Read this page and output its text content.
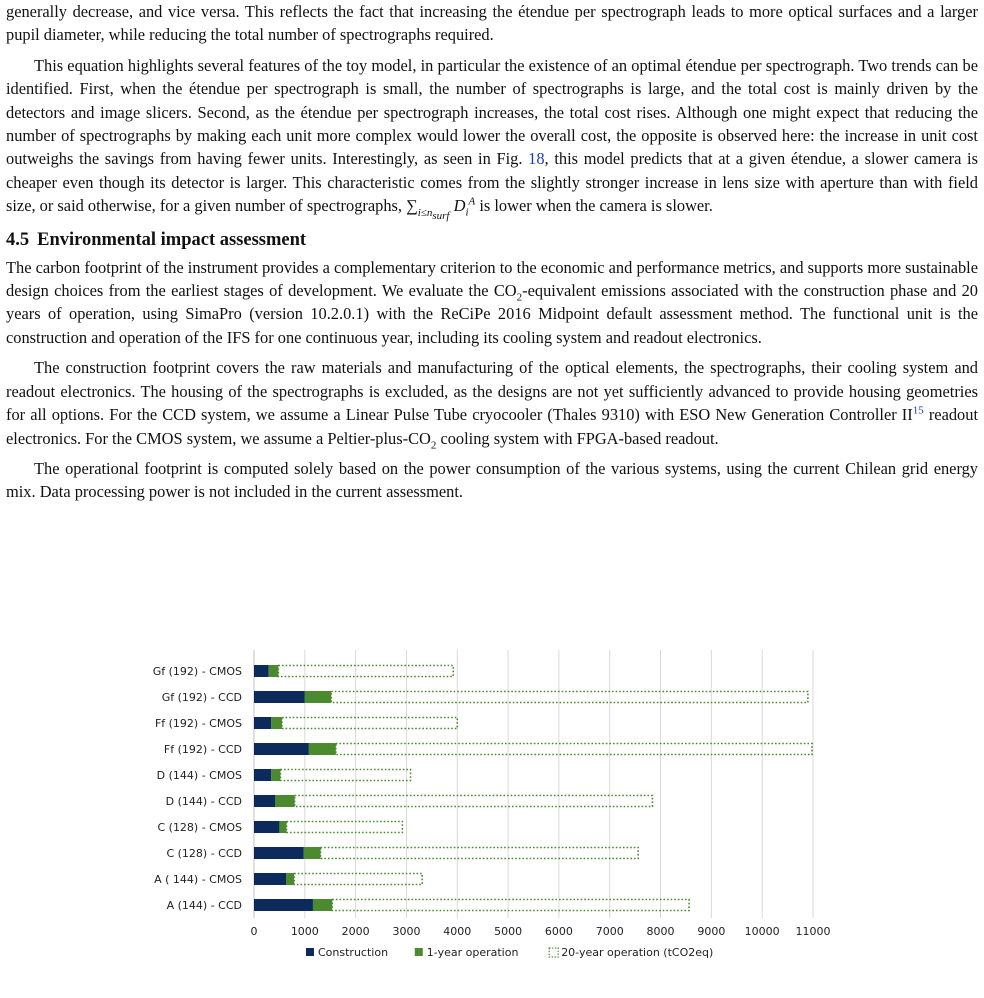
generally decrease, and vice versa. This reflects the fact that increasing the étendue per spectrograph leads to more optical surfaces and a larger pupil diameter, while reducing the total number of spectrographs required.

This equation highlights several features of the toy model, in particular the existence of an optimal étendue per spectrograph. Two trends can be identified. First, when the étendue per spectrograph is small, the number of spectrographs is large, and the total cost is mainly driven by the detectors and image slicers. Second, as the étendue per spectrograph increases, the total cost rises. Although one might expect that reducing the number of spectrographs by making each unit more complex would lower the overall cost, the opposite is observed here: the increase in unit cost outweighs the savings from having fewer units. Interestingly, as seen in Fig. 18, this model predicts that at a given étendue, a slower camera is cheaper even though its detector is larger. This characteristic comes from the slightly stronger increase in lens size with aperture than with field size, or said otherwise, for a given number of spectrographs, $\sum_{i\le n_{surf}}$ $D_i^A$ is lower when the camera is slower.

4.5 Environmental impact assessment

The carbon footprint of the instrument provides a complementary criterion to the economic and performance metrics, and supports more sustainable design choices from the earliest stages of development. We evaluate the $CO_2$-equivalent emissions associated with the construction phase and 20 years of operation, using SimaPro (version 10.2.0.1) with the ReCiPe 2016 Midpoint default assessment method. The functional unit is the construction and operation of the IFS for one continuous year, including its cooling system and readout electronics.

The construction footprint covers the raw materials and manufacturing of the optical elements, the spectrographs, their cooling system and readout electronics. The housing of the spectrographs is excluded, as the designs are not yet sufficiently advanced to provide housing geometries for all options. For the CCD system, we assume a Linear Pulse Tube cryocooler (Thales 9310) with ESO New Generation Controller II$^{15}$ readout electronics. For the CMOS system, we assume a Peltier-$plus-CO_2$ cooling system with FPGA-based readout.

The operational footprint is computed solely based on the power consumption of the various systems, using the current Chilean grid energy mix. Data processing power is not included in the current assessment.

0	1000 2000 3000 4000 5000 6000 7000 8000 9000 10000 11000
Gf (192) - CMOS
Gf (192) - CCD
Ff (192) - CMOS
Ff (192) - CCD
D (144) - CMOS
D (144) - CCD
C (128) - CMOS
C (128) - CCD
A ( 144) - CMOS
A (144) - CCD
Construction	1-year operation	20-year operation (tCO2eq)
